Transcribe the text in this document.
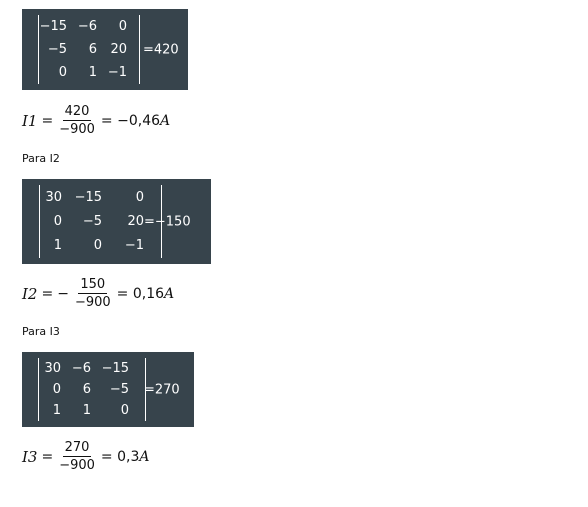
−15 −6	0
−5	6	20
0	1 −1
=420
$I1 = \frac{420}{-900} = -0,46$ A
Para I2
30 −15	0
0	−5	20
1	0	−1
=−150
I2 = − $\frac{150}{-900} = 0,16$ A
Para I3
30 −6 −15
0	6	−5
1	1	0
=270
$I3 = \frac{270}{-900} = 0,3$ A
